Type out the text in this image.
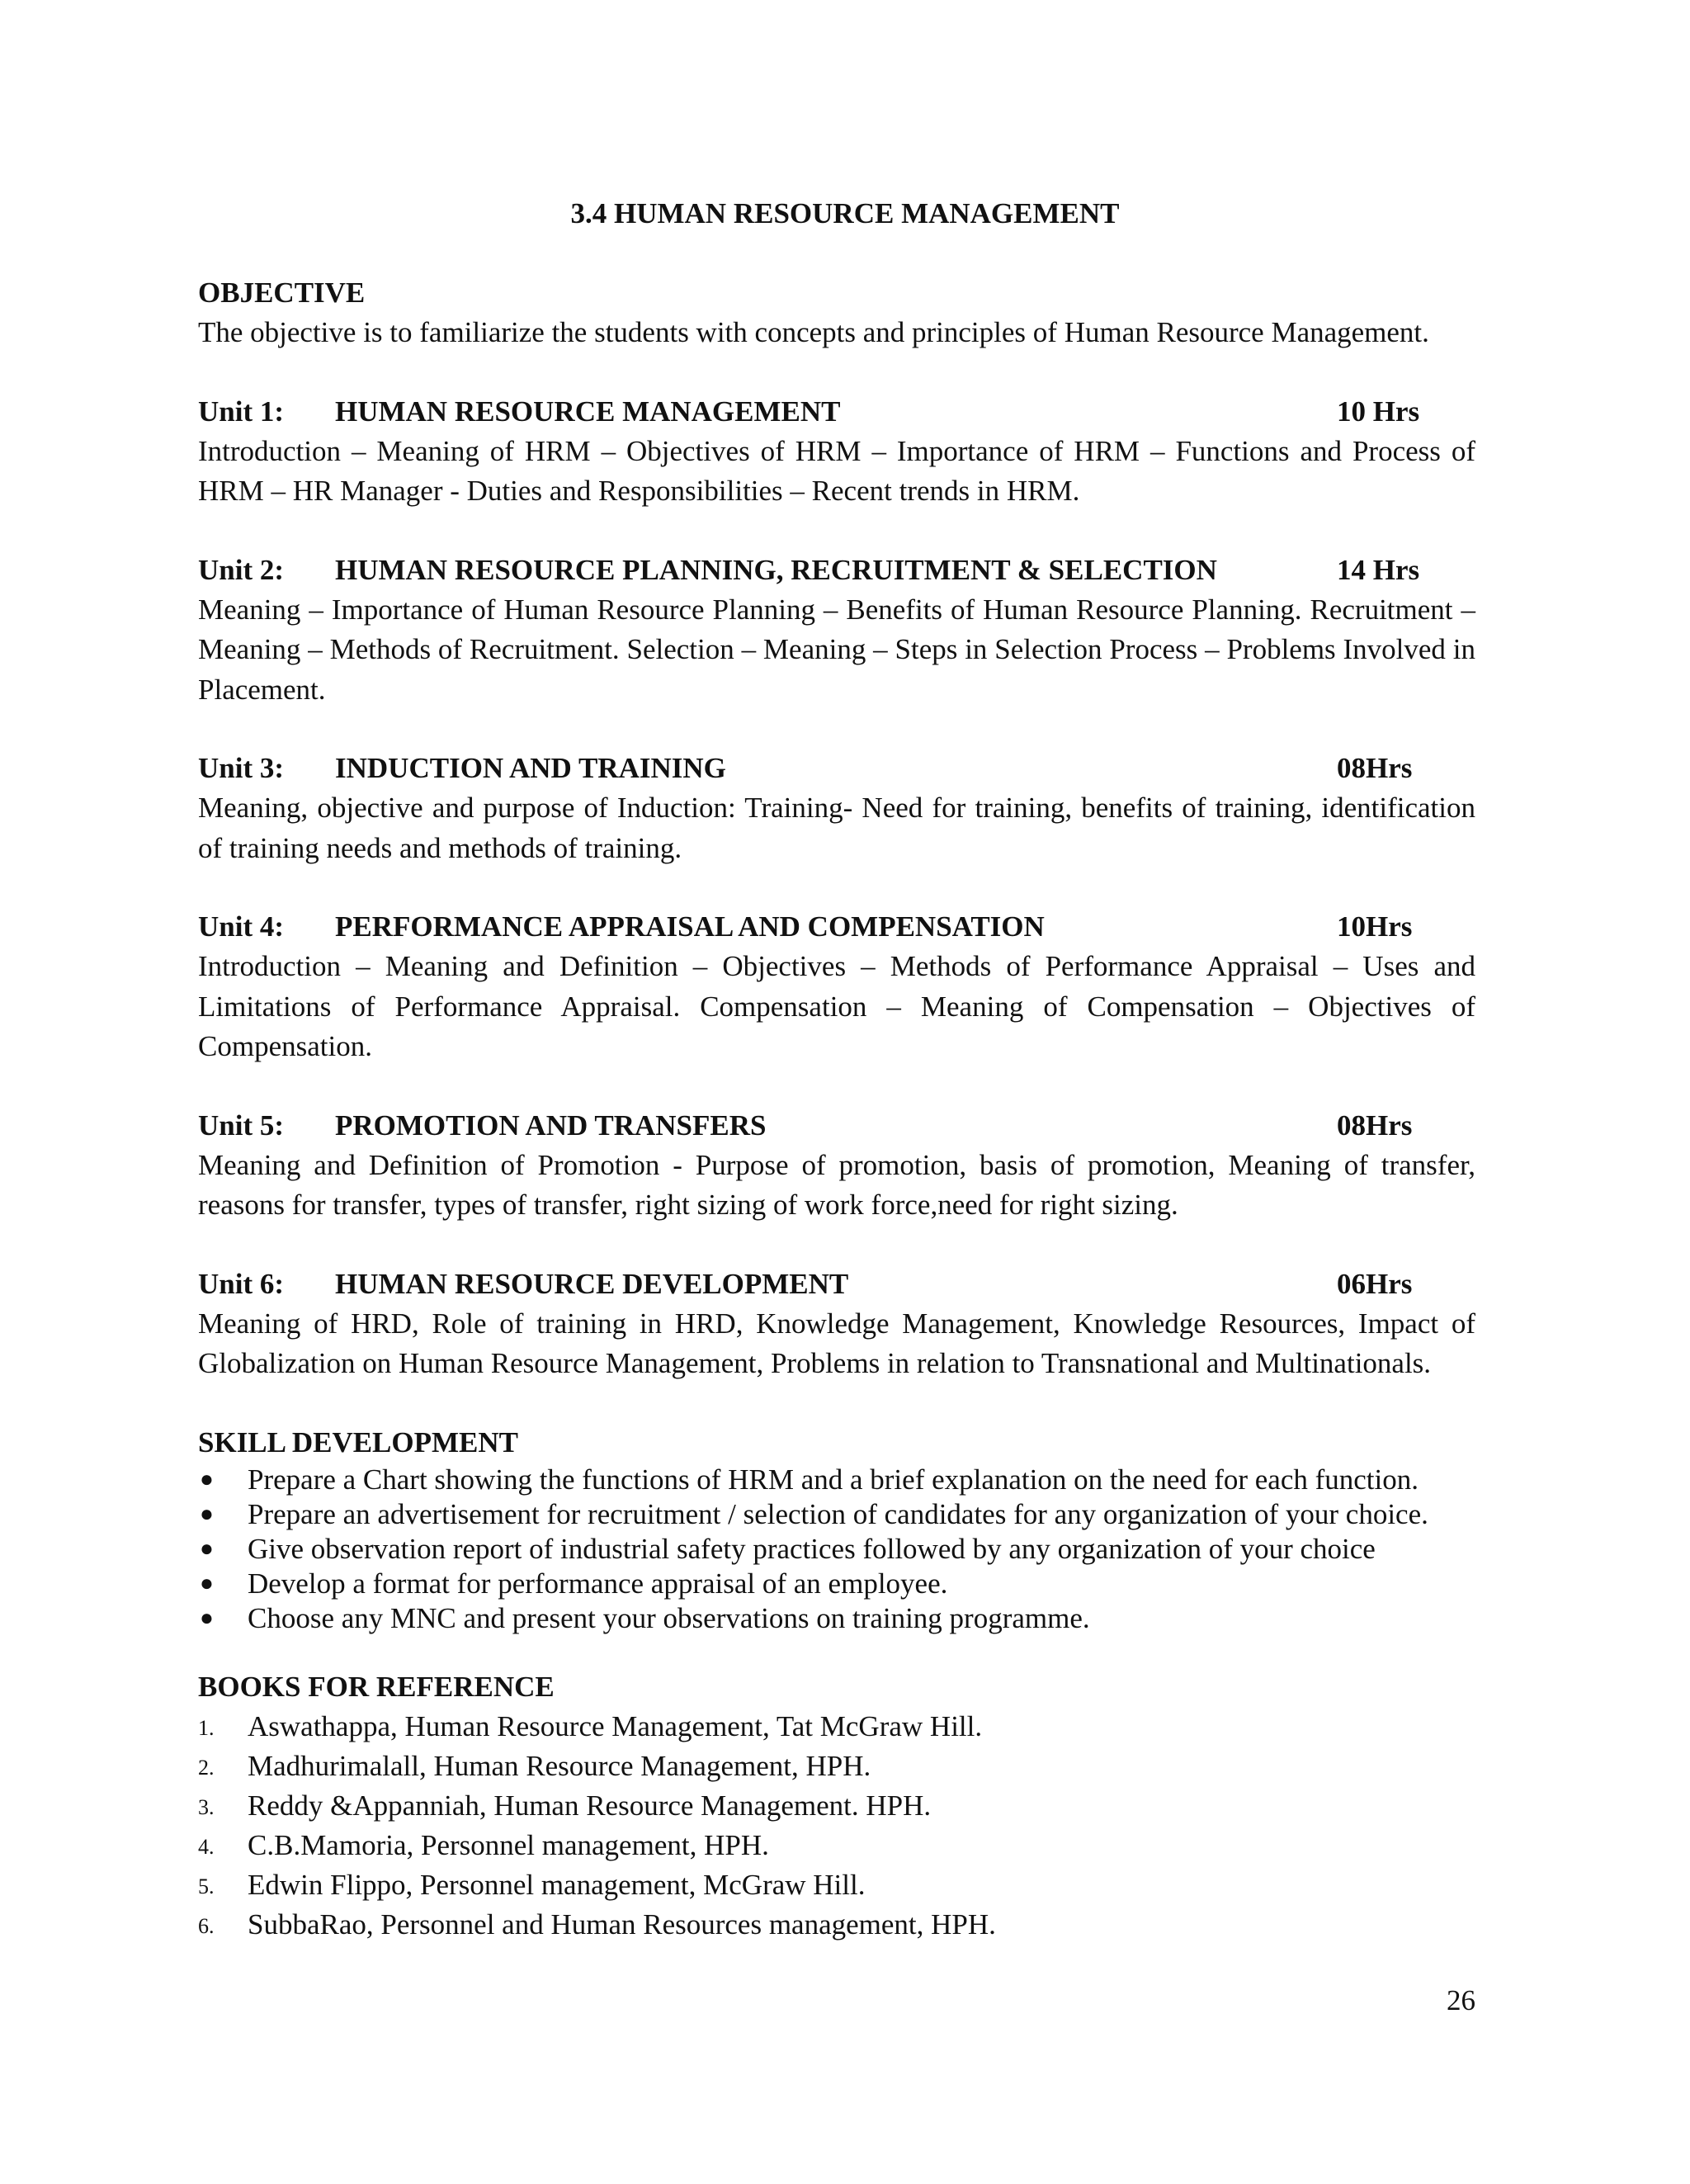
3.4 HUMAN RESOURCE MANAGEMENT
OBJECTIVE

The objective is to familiarize the students with concepts and principles of Human Resource Management.

Unit 1: HUMAN RESOURCE MANAGEMENT	10 Hrs

Introduction – Meaning of HRM – Objectives of HRM – Importance of HRM – Functions and Process of HRM – HR Manager - Duties and Responsibilities – Recent trends in HRM.

Unit 2: HUMAN RESOURCE PLANNING, RECRUITMENT & SELECTION	14 Hrs

Meaning – Importance of Human Resource Planning – Benefits of Human Resource Planning. Recruitment – Meaning – Methods of Recruitment. Selection – Meaning – Steps in Selection Process – Problems Involved in Placement.

Unit 3: INDUCTION AND TRAINING	08Hrs

Meaning, objective and purpose of Induction: Training- Need for training, benefits of training, identification of training needs and methods of training.

Unit 4: PERFORMANCE APPRAISAL AND COMPENSATION	10Hrs

Introduction – Meaning and Definition – Objectives – Methods of Performance Appraisal – Uses and Limitations of Performance Appraisal. Compensation – Meaning of Compensation – Objectives of Compensation.

Unit 5: PROMOTION AND TRANSFERS	08Hrs

Meaning and Definition of Promotion - Purpose of promotion, basis of promotion, Meaning of transfer, reasons for transfer, types of transfer, right sizing of work force,need for right sizing.

Unit 6: HUMAN RESOURCE DEVELOPMENT	06Hrs

Meaning of HRD, Role of training in HRD, Knowledge Management, Knowledge Resources, Impact of Globalization on Human Resource Management, Problems in relation to Transnational and Multinationals.

SKILL DEVELOPMENT
● Prepare a Chart showing the functions of HRM and a brief explanation on the need for each function.
● Prepare an advertisement for recruitment / selection of candidates for any organization of your choice.
● Give observation report of industrial safety practices followed by any organization of your choice
● Develop a format for performance appraisal of an employee.
● Choose any MNC and present your observations on training programme.
BOOKS FOR REFERENCE
1. Aswathappa, Human Resource Management, Tat McGraw Hill.
2. Madhurimalall, Human Resource Management, HPH.
3. Reddy &Appanniah, Human Resource Management. HPH.
4. C.B.Mamoria, Personnel management, HPH.
5. Edwin Flippo, Personnel management, McGraw Hill.
6. SubbaRao, Personnel and Human Resources management, HPH.
26
